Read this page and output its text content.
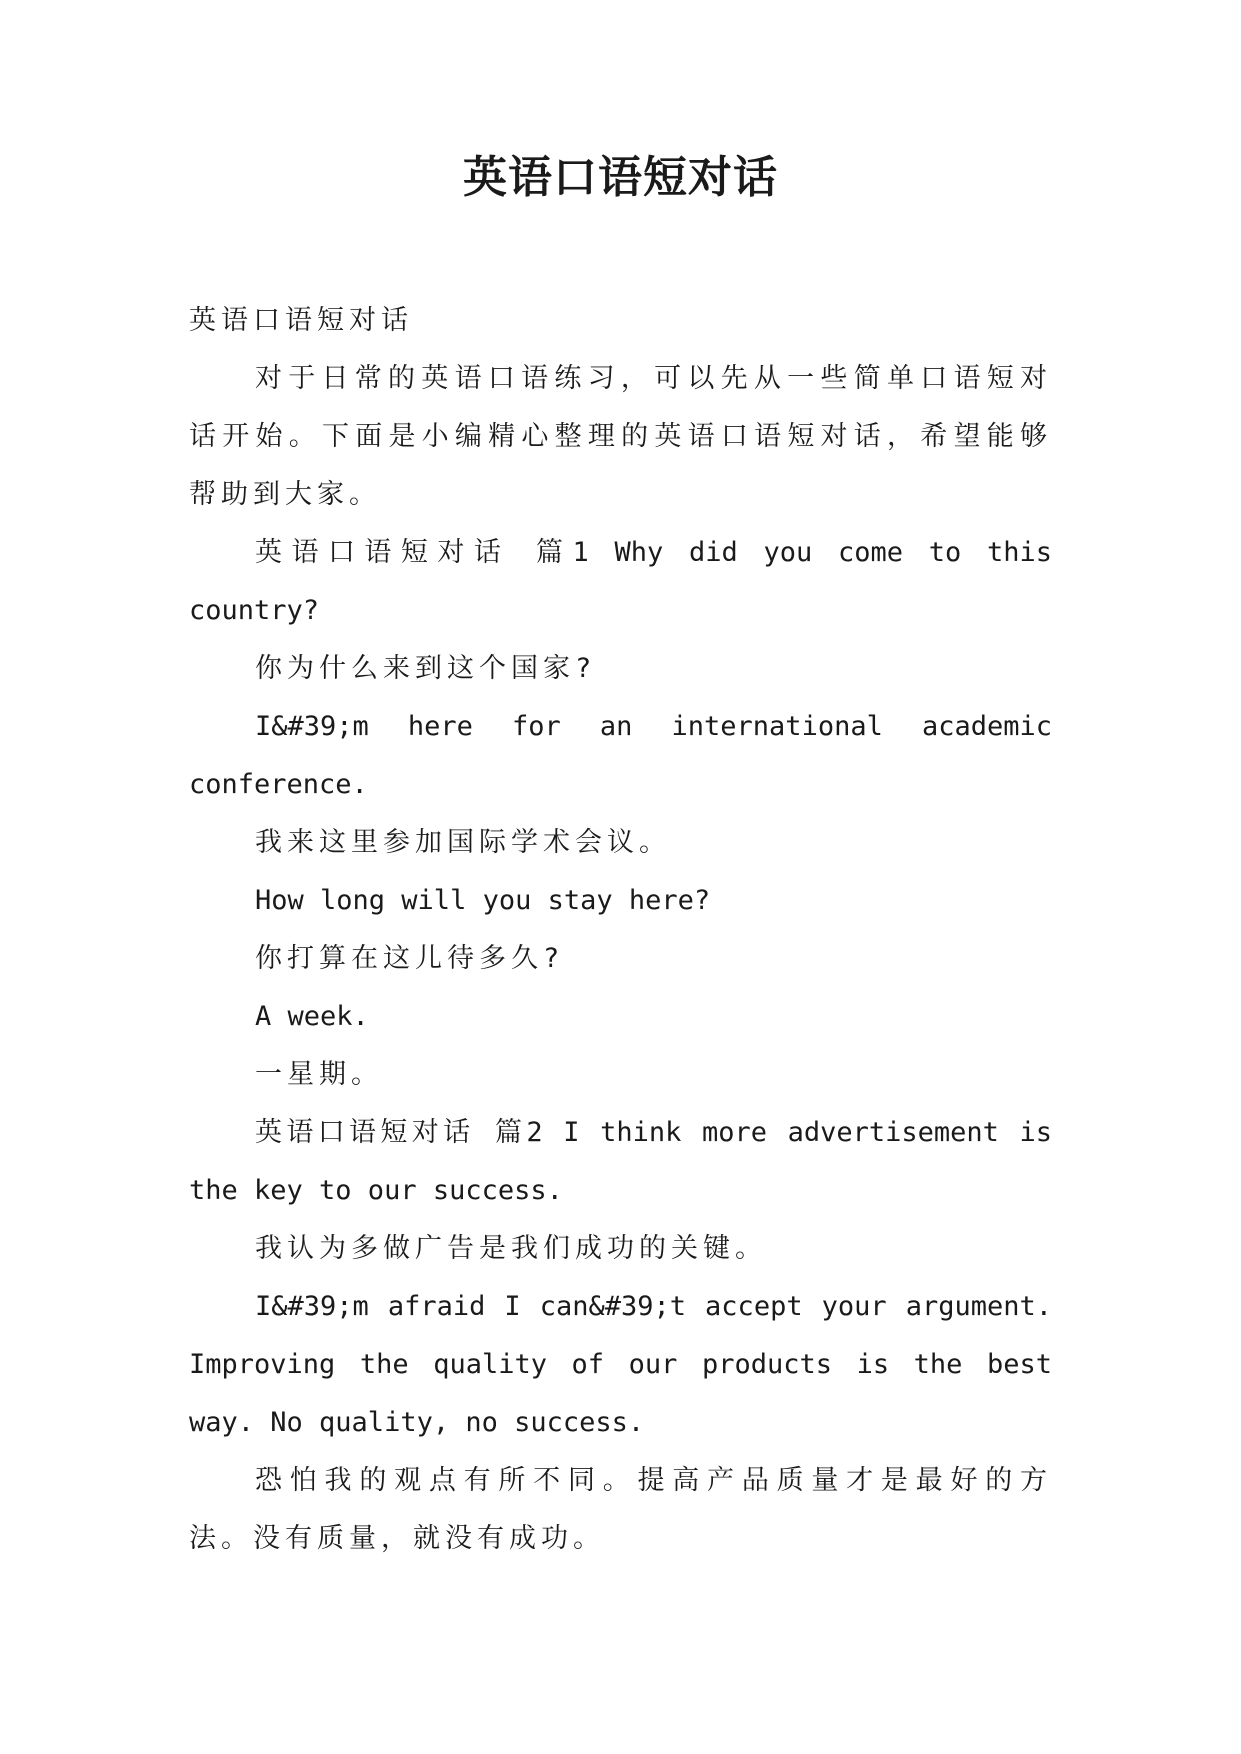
英语口语短对话

英语口语短对话

对于日常的英语口语练习，可以先从一些简单口语短对话开始。下面是小编精心整理的英语口语短对话，希望能够帮助到大家。

英语口语短对话 篇1 Why did you come to this country?

你为什么来到这个国家?

I&#39;m here for an international academic conference.

我来这里参加国际学术会议。

How long will you stay here?

你打算在这儿待多久?

A week.

一星期。

英语口语短对话 篇2 I think more advertisement is the key to our success.

我认为多做广告是我们成功的关键。

I&#39;m afraid I can&#39;t accept your argument. Improving the quality of our products is the best way. No quality, no success.

恐怕我的观点有所不同。提高产品质量才是最好的方法。没有质量，就没有成功。
